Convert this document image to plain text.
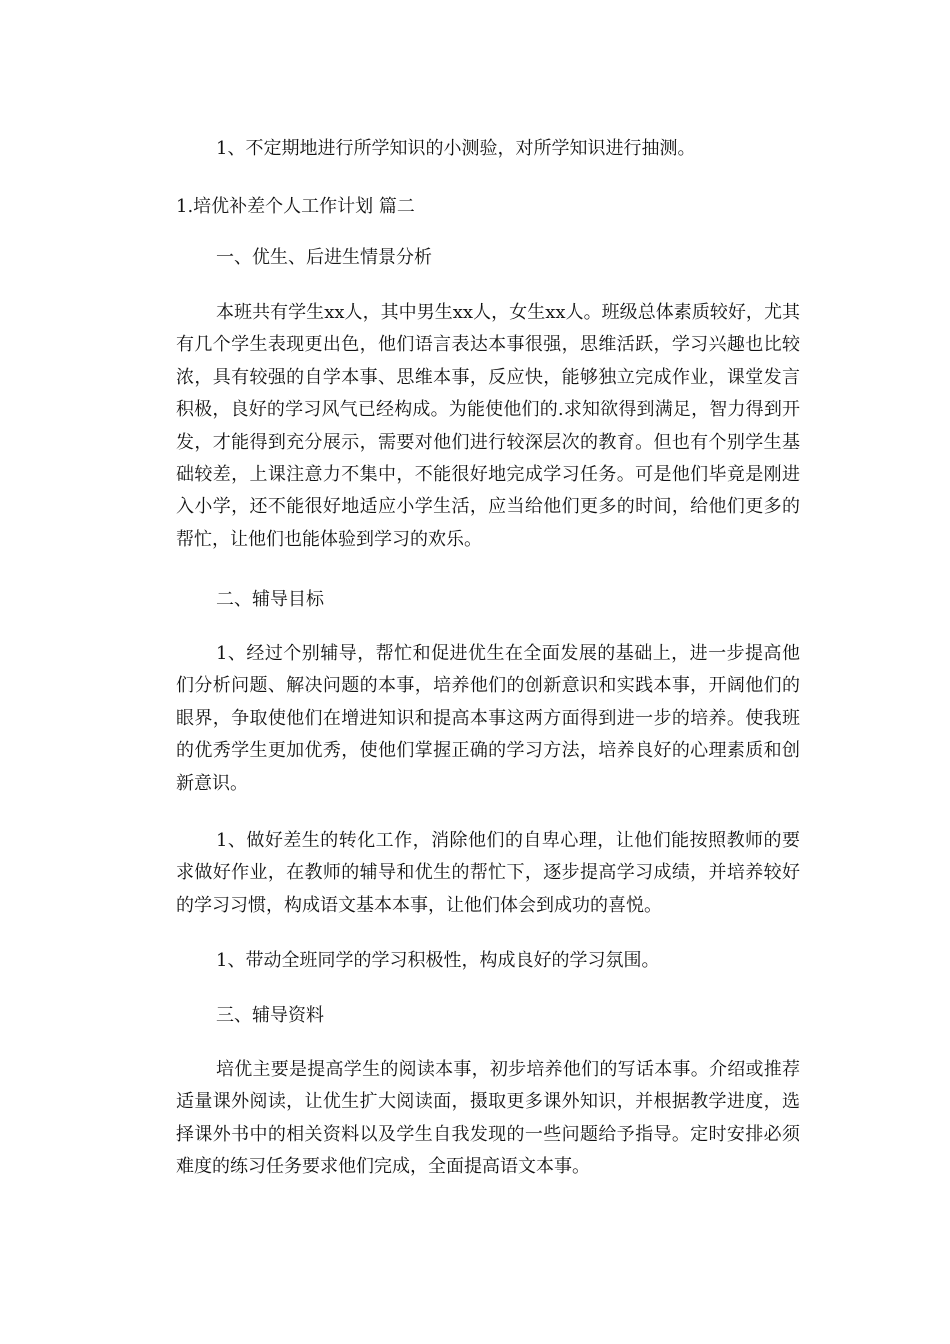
1、不定期地进行所学知识的小测验，对所学知识进行抽测。
1.培优补差个人工作计划 篇二
一、优生、后进生情景分析
本班共有学生xx人，其中男生xx人，女生xx人。班级总体素质较好，尤其有几个学生表现更出色，他们语言表达本事很强，思维活跃，学习兴趣也比较浓，具有较强的自学本事、思维本事，反应快，能够独立完成作业，课堂发言积极，良好的学习风气已经构成。为能使他们的.求知欲得到满足，智力得到开发，才能得到充分展示，需要对他们进行较深层次的教育。但也有个别学生基础较差，上课注意力不集中，不能很好地完成学习任务。可是他们毕竟是刚进入小学，还不能很好地适应小学生活，应当给他们更多的时间，给他们更多的帮忙，让他们也能体验到学习的欢乐。
二、辅导目标
1、经过个别辅导，帮忙和促进优生在全面发展的基础上，进一步提高他们分析问题、解决问题的本事，培养他们的创新意识和实践本事，开阔他们的眼界，争取使他们在增进知识和提高本事这两方面得到进一步的培养。使我班的优秀学生更加优秀，使他们掌握正确的学习方法，培养良好的心理素质和创新意识。
1、做好差生的转化工作，消除他们的自卑心理，让他们能按照教师的要求做好作业，在教师的辅导和优生的帮忙下，逐步提高学习成绩，并培养较好的学习习惯，构成语文基本本事，让他们体会到成功的喜悦。
1、带动全班同学的学习积极性，构成良好的学习氛围。
三、辅导资料
培优主要是提高学生的阅读本事，初步培养他们的写话本事。介绍或推荐适量课外阅读，让优生扩大阅读面，摄取更多课外知识，并根据教学进度，选择课外书中的相关资料以及学生自我发现的一些问题给予指导。定时安排必须难度的练习任务要求他们完成，全面提高语文本事。
